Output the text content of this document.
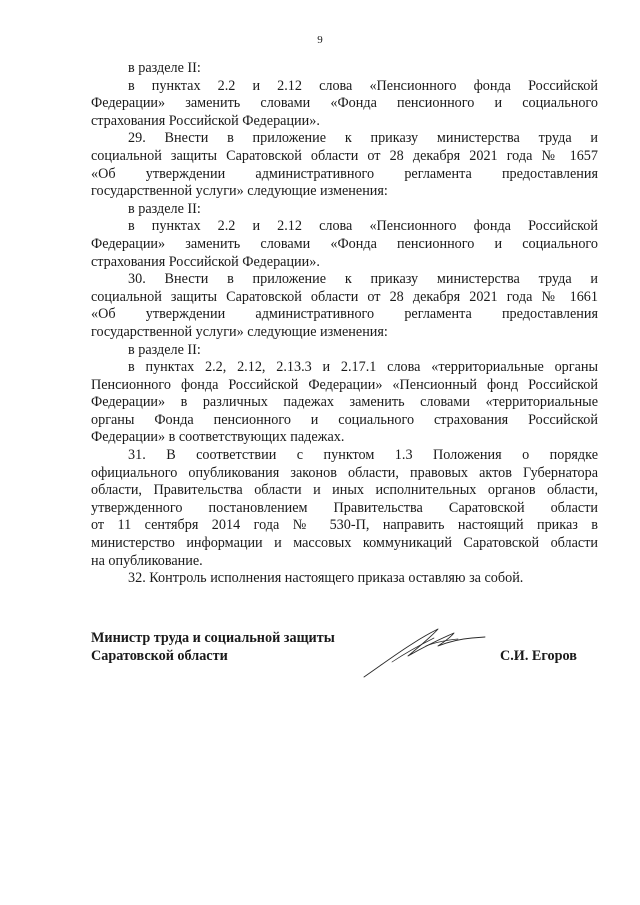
9

в разделе II:

в пунктах 2.2 и 2.12 слова «Пенсионного фонда Российской

Федерации» заменить словами «Фонда пенсионного и социального

страхования Российской Федерации».

29. Внести в приложение к приказу министерства труда и

социальной защиты Саратовской области от 28 декабря 2021 года № 1657

«Об утверждении административного регламента предоставления

государственной услуги» следующие изменения:

в разделе II:

в пунктах 2.2 и 2.12 слова «Пенсионного фонда Российской

Федерации» заменить словами «Фонда пенсионного и социального

страхования Российской Федерации».

30. Внести в приложение к приказу министерства труда и

социальной защиты Саратовской области от 28 декабря 2021 года № 1661

«Об утверждении административного регламента предоставления

государственной услуги» следующие изменения:

в разделе II:

в пунктах 2.2, 2.12, 2.13.3 и 2.17.1 слова «территориальные органы

Пенсионного фонда Российской Федерации» «Пенсионный фонд Российской

Федерации» в различных падежах заменить словами «территориальные

органы Фонда пенсионного и социального страхования Российской

Федерации» в соответствующих падежах.

31. В соответствии с пунктом 1.3 Положения о порядке

официального опубликования законов области, правовых актов Губернатора

области, Правительства области и иных исполнительных органов области,

утвержденного постановлением Правительства Саратовской области

от 11 сентября 2014 года № 530-П, направить настоящий приказ в

министерство информации и массовых коммуникаций Саратовской области

на опубликование.

32. Контроль исполнения настоящего приказа оставляю за собой.

Министр труда и социальной защиты
Саратовской области	С.И. Егоров
